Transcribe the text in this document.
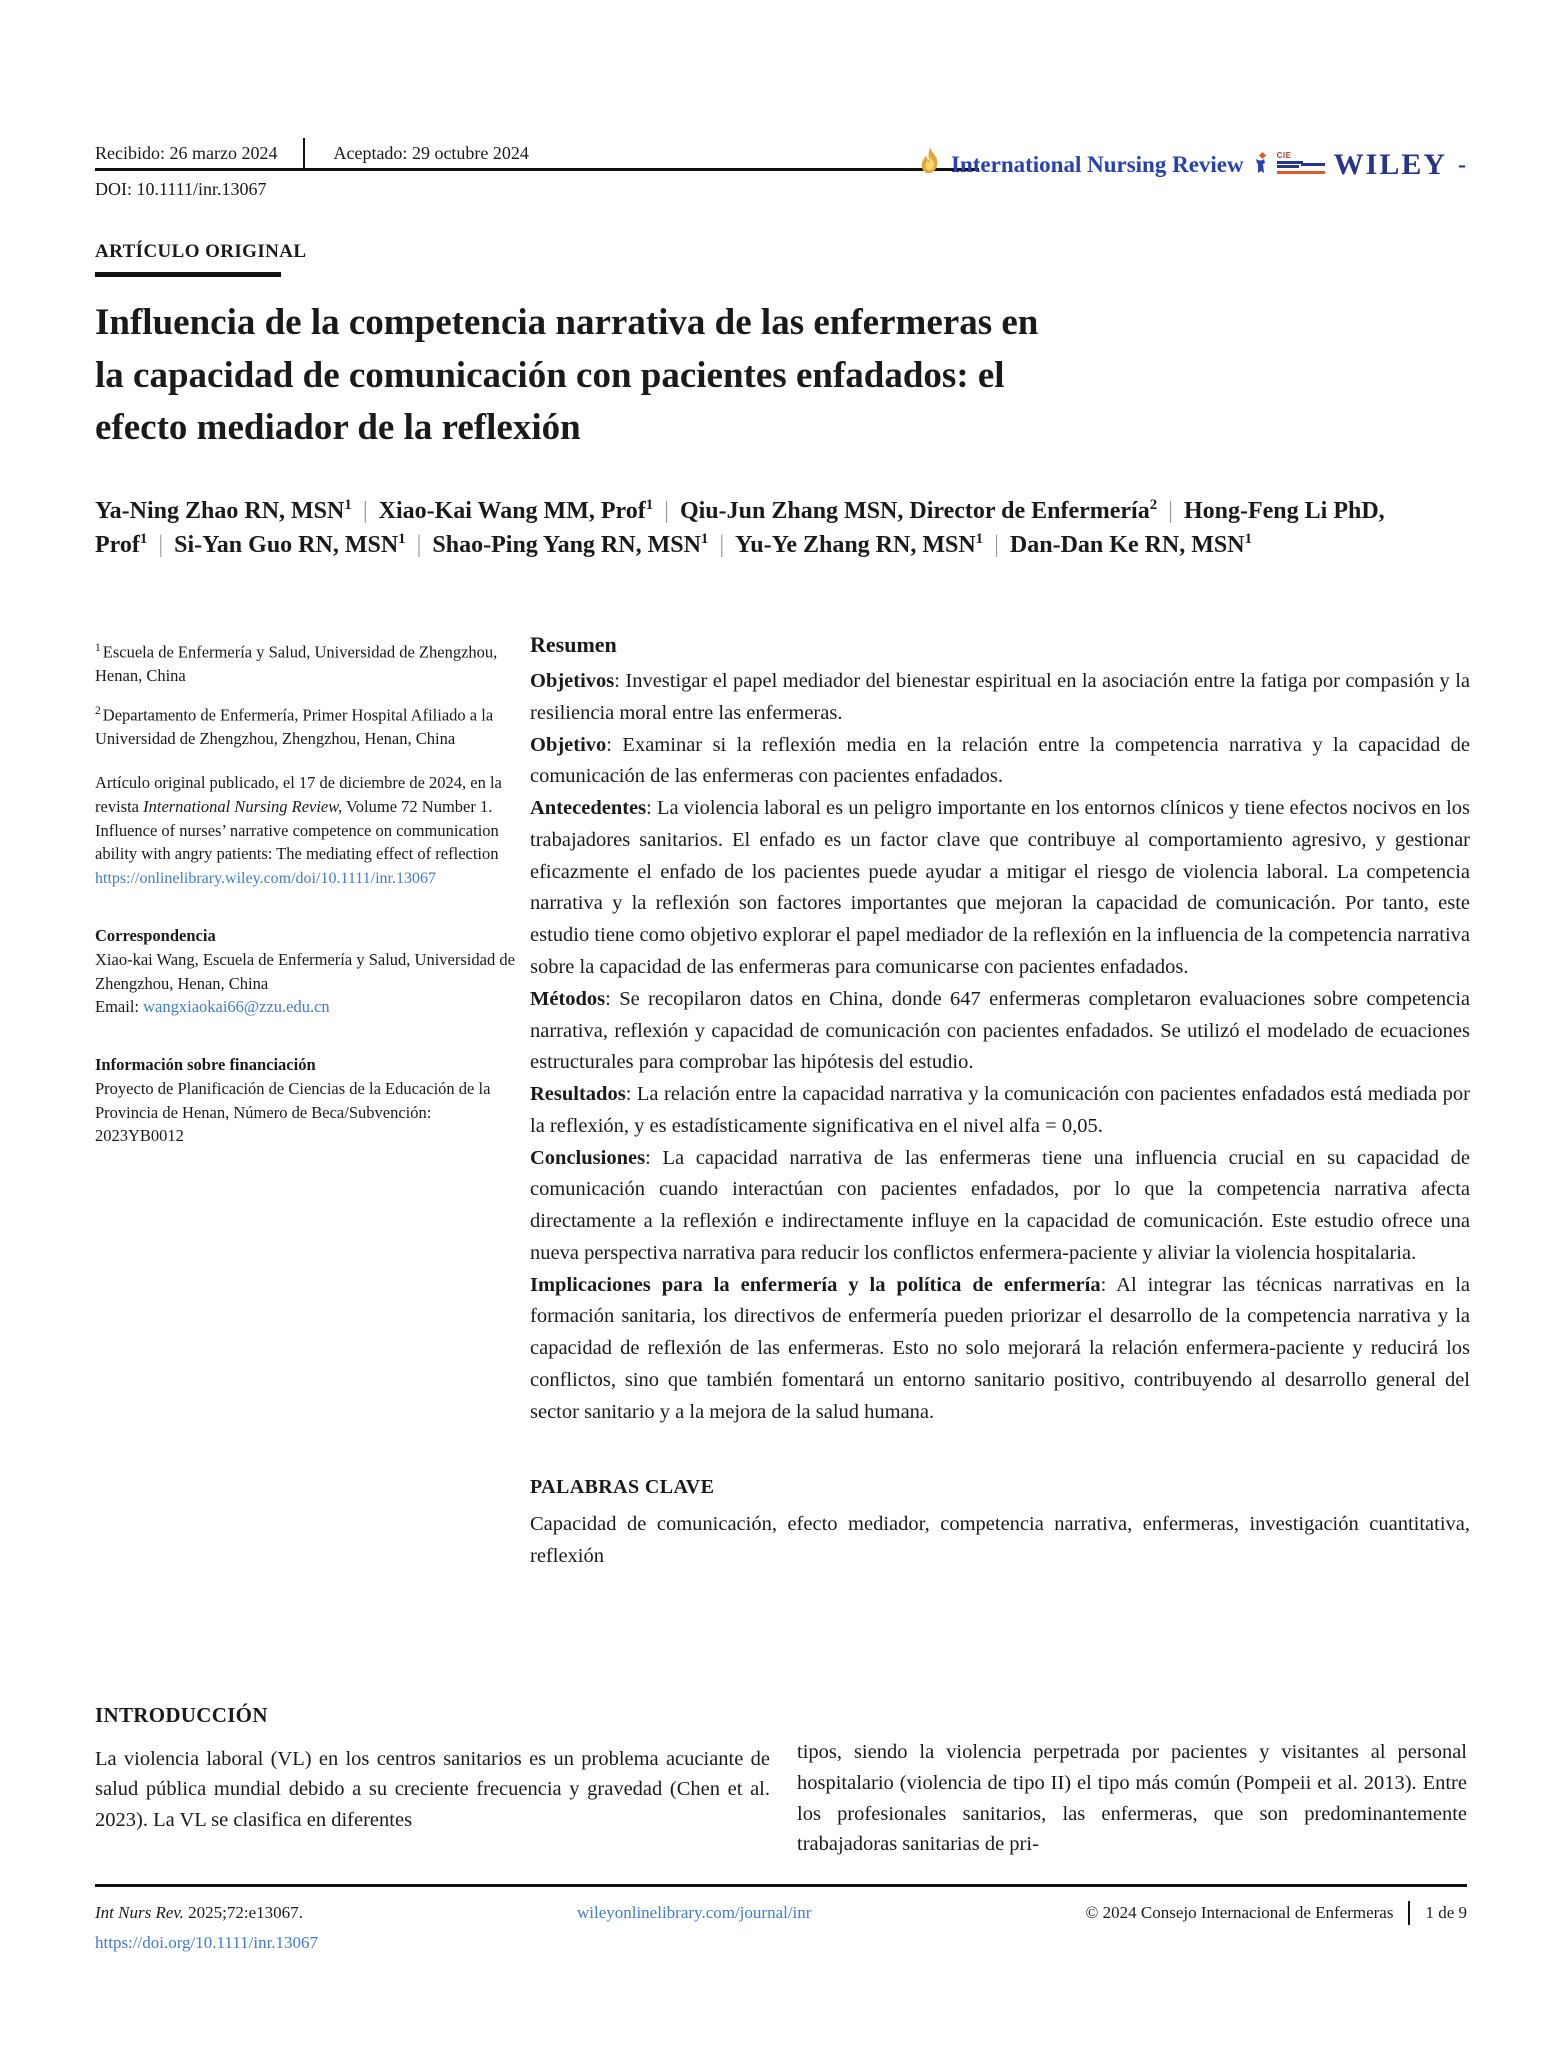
Recibido: 26 marzo 2024	Aceptado: 29 octubre 2024
DOI: 10.1111/inr.13067
International Nursing Review	CIE WILEY -
ARTÍCULO ORIGINAL
Influencia de la competencia narrativa de las enfermeras en la capacidad de comunicación con pacientes enfadados: el efecto mediador de la reflexión
Ya-Ning Zhao RN, MSN$^1$ | Xiao-Kai Wang MM, Prof$^1$ | Qiu-Jun Zhang MSN, Director de Enfermería$^2$ | Hong-Feng Li PhD, Prof$^1$ | Si-Yan Guo RN, MSN$^1$ | Shao-Ping Yang RN, MSN$^1$ | Yu-Ye Zhang RN, MSN$^1$ | Dan-Dan Ke RN, MSN$^1$

$^1$ Escuela de Enfermería y Salud, Universidad de Zhengzhou, Henan, China

$^2$ Departamento de Enfermería, Primer Hospital Afiliado a la Universidad de Zhengzhou, Zhengzhou, Henan, China

Artículo original publicado, el 17 de diciembre de 2024, en la revista International Nursing Review, Volume 72 Number 1. Influence of nurses’ narrative competence on communication ability with angry patients: The mediating effect of reflection
https://onlinelibrary.wiley.com/doi/10.1111/inr.13067

Correspondencia

Xiao-kai Wang, Escuela de Enfermería y Salud, Universidad de Zhengzhou, Henan, China
Email: wangxiaokai66@zzu.edu.cn

Información sobre financiación

Proyecto de Planificación de Ciencias de la Educación de la Provincia de Henan, Número de Beca/Subvención: 2023YB0012

Resumen

Objetivos: Investigar el papel mediador del bienestar espiritual en la asociación entre la fatiga por compasión y la resiliencia moral entre las enfermeras.

Objetivo: Examinar si la reflexión media en la relación entre la competencia narrativa y la capacidad de comunicación de las enfermeras con pacientes enfadados.

Antecedentes: La violencia laboral es un peligro importante en los entornos clínicos y tiene efectos nocivos en los trabajadores sanitarios. El enfado es un factor clave que contribuye al comportamiento agresivo, y gestionar eficazmente el enfado de los pacientes puede ayudar a mitigar el riesgo de violencia laboral. La competencia narrativa y la reflexión son factores importantes que mejoran la capacidad de comunicación. Por tanto, este estudio tiene como objetivo explorar el papel mediador de la reflexión en la influencia de la competencia narrativa sobre la capacidad de las enfermeras para comunicarse con pacientes enfadados.

Métodos: Se recopilaron datos en China, donde 647 enfermeras completaron evaluaciones sobre competencia narrativa, reflexión y capacidad de comunicación con pacientes enfadados. Se utilizó el modelado de ecuaciones estructurales para comprobar las hipótesis del estudio.

Resultados: La relación entre la capacidad narrativa y la comunicación con pacientes enfadados está mediada por la reflexión, y es estadísticamente significativa en el nivel alfa = 0,05.

Conclusiones: La capacidad narrativa de las enfermeras tiene una influencia crucial en su capacidad de comunicación cuando interactúan con pacientes enfadados, por lo que la competencia narrativa afecta directamente a la reflexión e indirectamente influye en la capacidad de comunicación. Este estudio ofrece una nueva perspectiva narrativa para reducir los conflictos enfermera-paciente y aliviar la violencia hospitalaria.

Implicaciones para la enfermería y la política de enfermería: Al integrar las técnicas narrativas en la formación sanitaria, los directivos de enfermería pueden priorizar el desarrollo de la competencia narrativa y la capacidad de reflexión de las enfermeras. Esto no solo mejorará la relación enfermera-paciente y reducirá los conflictos, sino que también fomentará un entorno sanitario positivo, contribuyendo al desarrollo general del sector sanitario y a la mejora de la salud humana.

PALABRAS CLAVE

Capacidad de comunicación, efecto mediador, competencia narrativa, enfermeras, investigación cuantitativa, reflexión

INTRODUCCIÓN

La violencia laboral (VL) en los centros sanitarios es un problema acuciante de salud pública mundial debido a su creciente frecuencia y gravedad (Chen et al. 2023). La VL se clasifica en diferentes

tipos, siendo la violencia perpetrada por pacientes y visitantes al personal hospitalario (violencia de tipo II) el tipo más común (Pompeii et al. 2013). Entre los profesionales sanitarios, las enfermeras, que son predominantemente trabajadoras sanitarias de pri-

Int Nurs Rev. 2025;72:e13067.	wileyonlinelibrary.com/journal/inr	© 2024 Consejo Internacional de Enfermeras 1 de 9
https://doi.org/10.1111/inr.13067
